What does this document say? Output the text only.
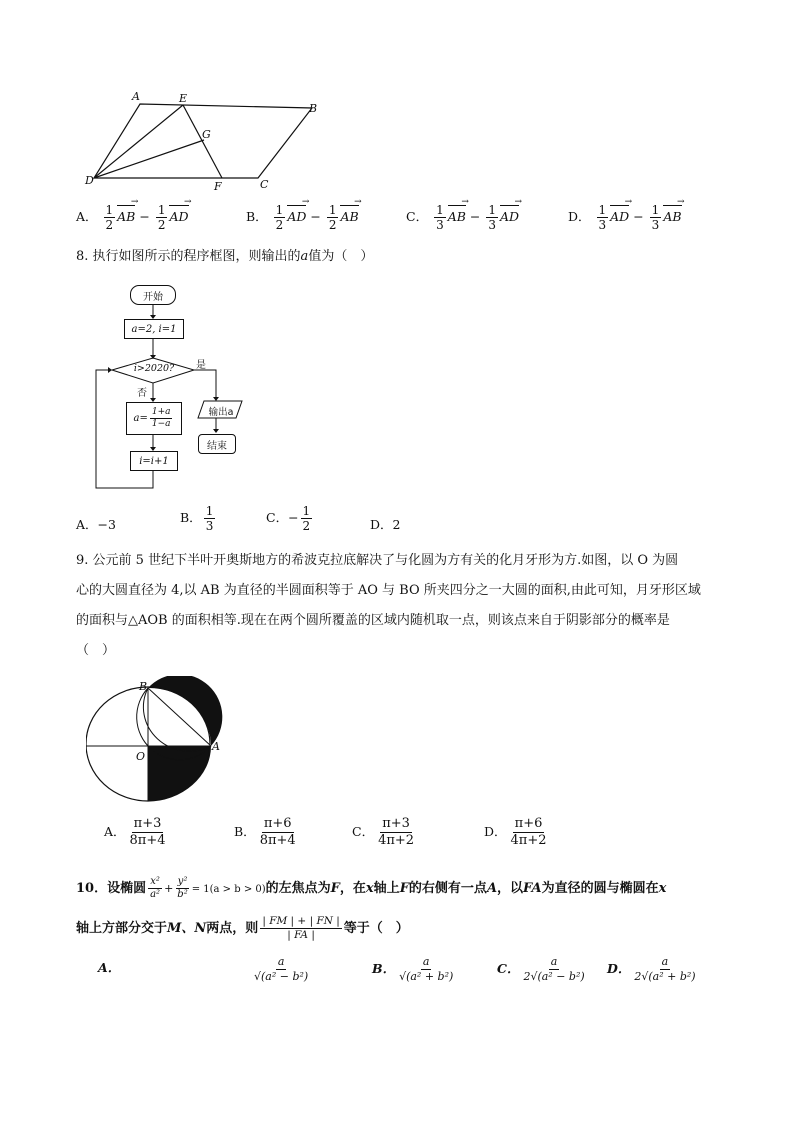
A	E
B
G
D	F	C
A． $\frac{1}{2}$ AB → − $\frac{1}{2}$ AD →	B． $\frac{1}{2}$ AD → − $\frac{1}{2}$ AB →	C． $\frac{1}{3}$ AB → − $\frac{1}{3}$ AD →	D． $\frac{1}{3}$ AD → − $\frac{1}{3}$ AB →
8. 执行如图所示的程序框图，则输出的a值为（　）
开始
a=2, i=1
i>2020?	是
否
$a= \frac{1+a}{1-a}$	输出a
结束
i=i+1
A．−3	B． $\frac{1}{3}$	C．− $\frac{1}{2}$	D．2
9. 公元前 5 世纪下半叶开奥斯地方的希波克拉底解决了与化圆为方有关的化月牙形为方.如图，以 O 为圆
心的大圆直径为 4,以 AB 为直径的半圆面积等于 AO 与 BO 所夹四分之一大圆的面积,由此可知，月牙形区域
的面积与△AOB 的面积相等.现在在两个圆所覆盖的区域内随机取一点，则该点来自于阴影部分的概率是
（　）
B
O
A
A． $\frac{\pi+3}{8\pi+4}$	B． $\frac{\pi+6}{8\pi+4}$	C． $\frac{\pi+3}{4\pi+2}$	D． $\frac{\pi+6}{4\pi+2}$
10．设椭圆 $\frac{\text{x²}}{\text{a²}} + \frac{\text{y²}}{\text{b²}} = 1(a > b > 0)$的左焦点为F，在x轴上F的右侧有一点A，以FA为直径的圆与椭圆在x
轴上方部分交于M、N两点，则 $\frac{| FM | + | FN |}{| FA |}$ 等于（　）
A．	$\frac{a}{\text{√(a² − b²)}}$	B． $\frac{a}{\text{√(a² + b²)}}$	C． $\frac{a}{\text{2√(a² − b²)}}$ D． $\frac{a}{\text{2√(a² + b²)}}$
